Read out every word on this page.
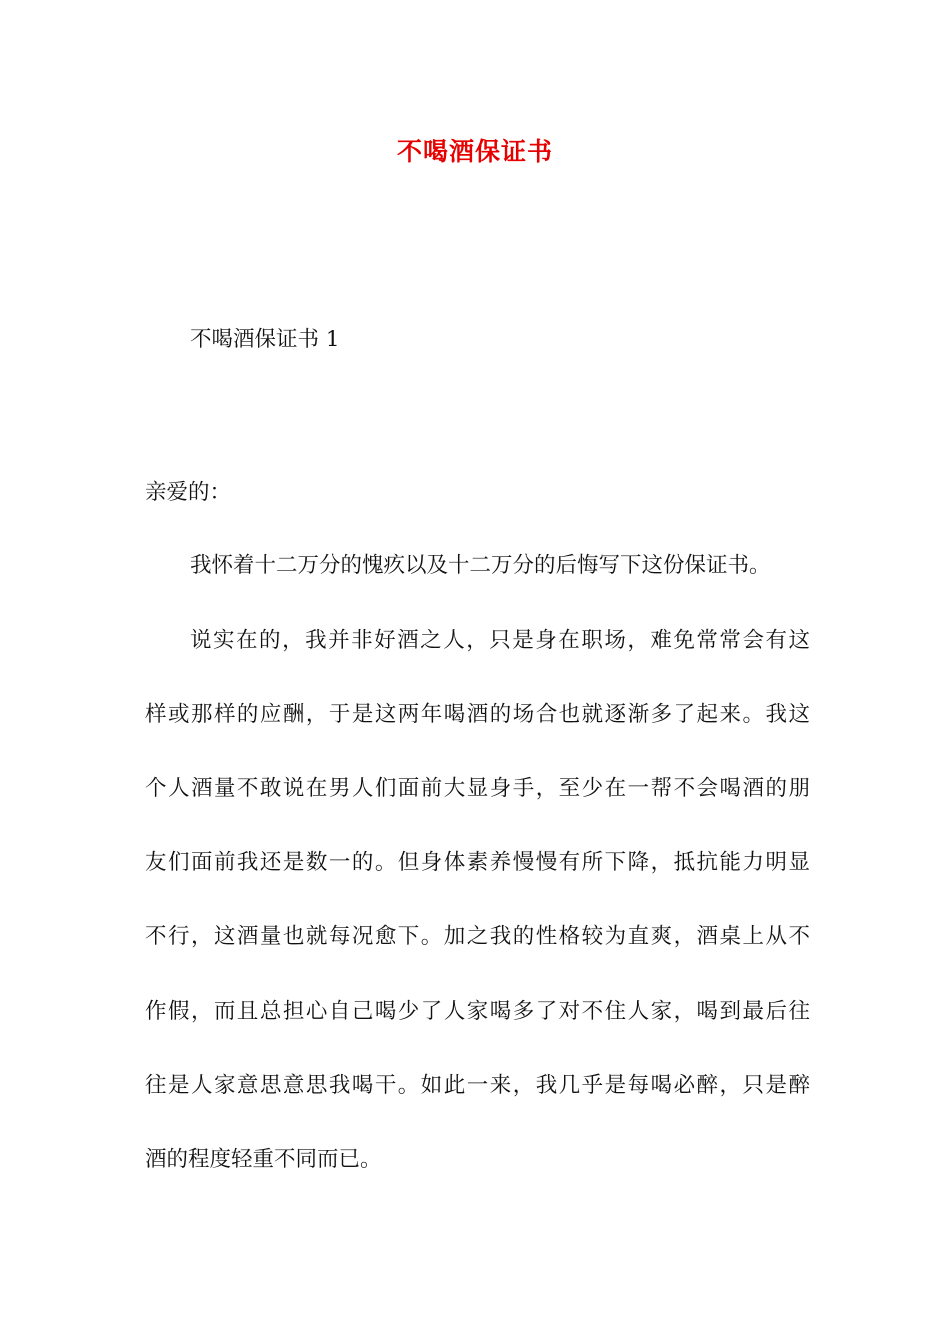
不喝酒保证书
不喝酒保证书 1
亲爱的：
我怀着十二万分的愧疚以及十二万分的后悔写下这份保证书。
说实在的，我并非好酒之人，只是身在职场，难免常常会有这
样或那样的应酬，于是这两年喝酒的场合也就逐渐多了起来。我这
个人酒量不敢说在男人们面前大显身手，至少在一帮不会喝酒的朋
友们面前我还是数一的。但身体素养慢慢有所下降，抵抗能力明显
不行，这酒量也就每况愈下。加之我的性格较为直爽，酒桌上从不
作假，而且总担心自己喝少了人家喝多了对不住人家，喝到最后往
往是人家意思意思我喝干。如此一来，我几乎是每喝必醉，只是醉
酒的程度轻重不同而已。
